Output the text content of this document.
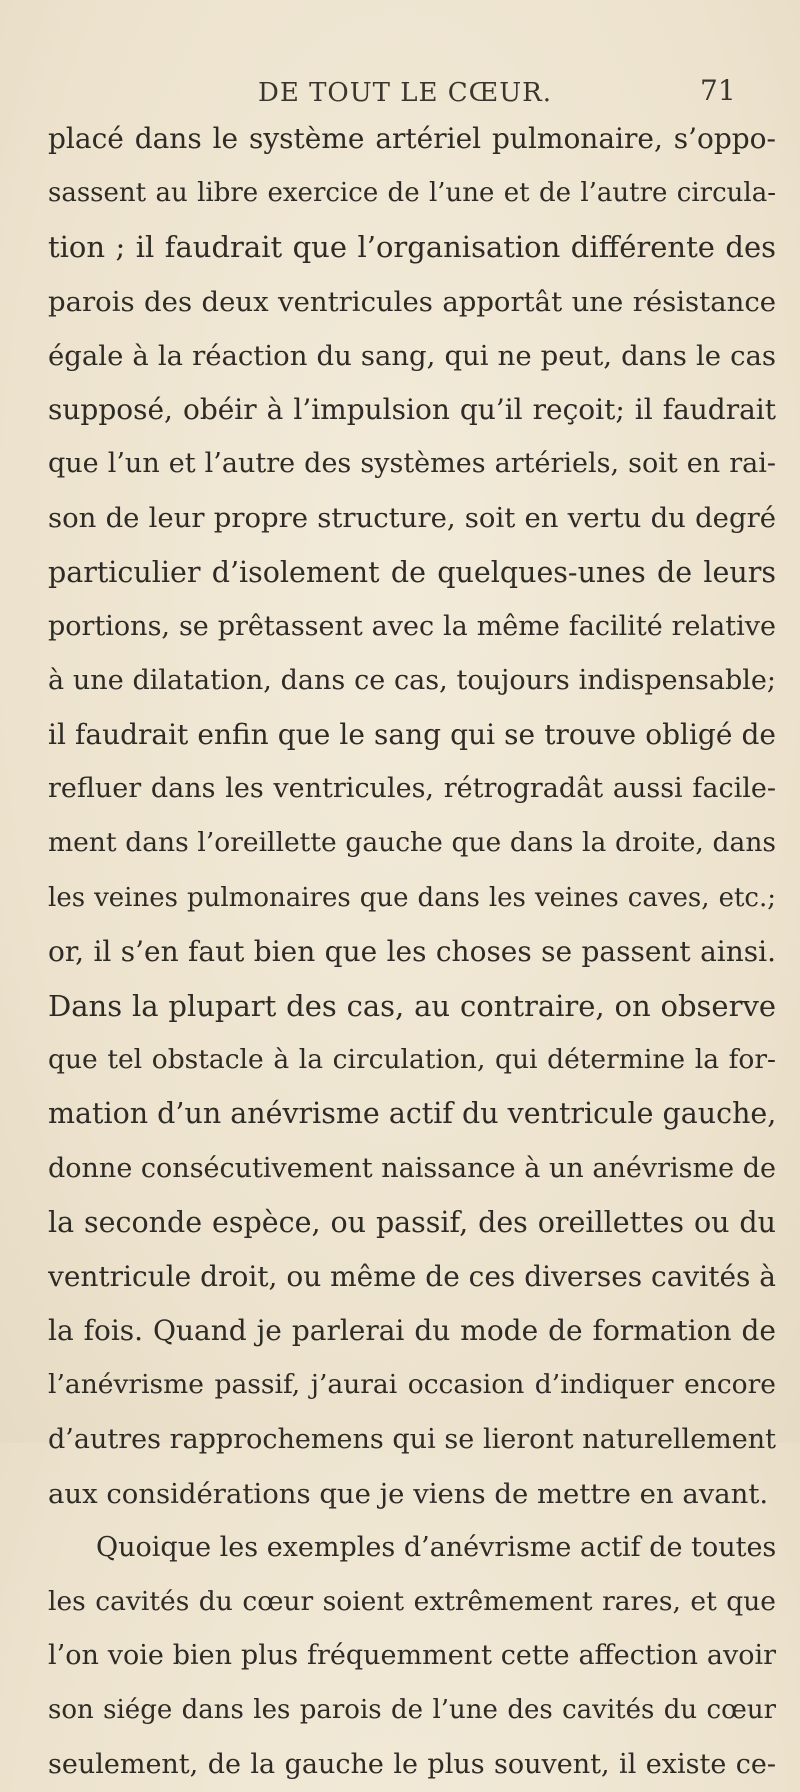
DE TOUT LE CŒUR.	71
placé dans le système artériel pulmonaire, s’oppo-
sassent au libre exercice de l’une et de l’autre circula-
tion ; il faudrait que l’organisation différente des
parois des deux ventricules apportât une résistance
égale à la réaction du sang, qui ne peut, dans le cas
supposé, obéir à l’impulsion qu’il reçoit; il faudrait
que l’un et l’autre des systèmes artériels, soit en rai-
son de leur propre structure, soit en vertu du degré
particulier d’isolement de quelques-unes de leurs
portions, se prêtassent avec la même facilité relative
à une dilatation, dans ce cas, toujours indispensable;
il faudrait enfin que le sang qui se trouve obligé de
refluer dans les ventricules, rétrogradât aussi facile-
ment dans l’oreillette gauche que dans la droite, dans
les veines pulmonaires que dans les veines caves, etc.;
or, il s’en faut bien que les choses se passent ainsi.
Dans la plupart des cas, au contraire, on observe
que tel obstacle à la circulation, qui détermine la for-
mation d’un anévrisme actif du ventricule gauche,
donne consécutivement naissance à un anévrisme de
la seconde espèce, ou passif, des oreillettes ou du
ventricule droit, ou même de ces diverses cavités à
la fois. Quand je parlerai du mode de formation de
l’anévrisme passif, j’aurai occasion d’indiquer encore
d’autres rapprochemens qui se lieront naturellement
aux considérations que je viens de mettre en avant.
Quoique les exemples d’anévrisme actif de toutes
les cavités du cœur soient extrêmement rares, et que
l’on voie bien plus fréquemment cette affection avoir
son siége dans les parois de l’une des cavités du cœur
seulement, de la gauche le plus souvent, il existe ce-
